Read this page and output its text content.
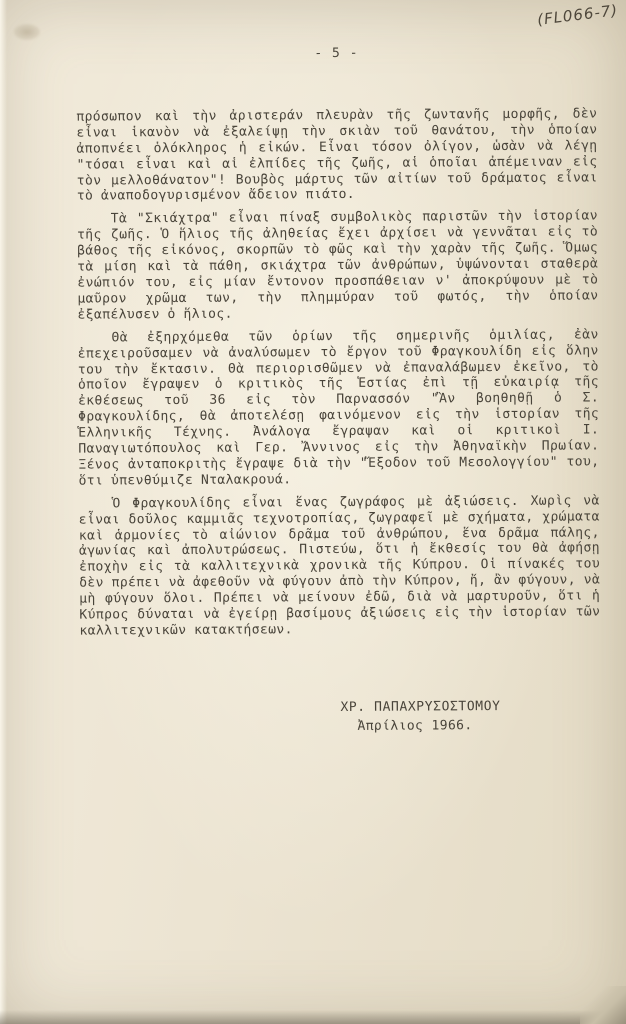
(FL066-7)
- 5 -

πρόσωπον καὶ τὴν ἀριστεράν πλευρὰν τῆς ζωντανῆς μορφῆς, δὲν εἶναι ἱκανὸν νὰ ἐξαλείψῃ τὴν σκιὰν τοῦ θανάτου, τὴν ὁποίαν ἀποπνέει ὁλόκληρος ἡ εἰκών. Εἶναι τόσον ὀλίγον, ὡσὰν νὰ λέγῃ "τόσαι εἶναι καὶ αἱ ἐλπίδες τῆς ζωῆς, αἱ ὁποῖαι ἀπέμειναν εἰς τὸν μελλοθάνατον"! Βουβὸς μάρτυς τῶν αἰτίων τοῦ δράματος εἶναι τὸ ἀναποδογυρισμένον ἄδειον πιάτο.

Τὰ "Σκιάχτρα" εἶναι πίναξ συμβολικὸς παριστῶν τὴν ἱστορίαν τῆς ζωῆς. Ὁ ἥλιος τῆς ἀληθείας ἔχει ἀρχίσει νὰ γεννᾶται εἰς τὸ βάθος τῆς εἰκόνος, σκορπῶν τὸ φῶς καὶ τὴν χαρὰν τῆς ζωῆς. Ὅμως τὰ μίση καὶ τὰ πάθη, σκιάχτρα τῶν ἀνθρώπων, ὑψώνονται σταθερὰ ἐνώπιόν του, εἰς μίαν ἔντονον προσπάθειαν ν' ἀποκρύψουν μὲ τὸ μαῦρον χρῶμα των, τὴν πλημμύραν τοῦ φωτός, τὴν ὁποίαν ἐξαπέλυσεν ὁ ἥλιος.

Θὰ ἐξηρχόμεθα τῶν ὁρίων τῆς σημερινῆς ὁμιλίας, ἐὰν ἐπεχειροῦσαμεν νὰ ἀναλύσωμεν τὸ ἔργον τοῦ Φραγκουλίδη εἰς ὅλην του τὴν ἔκτασιν. Θὰ περιορισθῶμεν νὰ ἐπαναλάβωμεν ἐκεῖνο, τὸ ὁποῖον ἔγραψεν ὁ κριτικὸς τῆς Ἑστίας ἐπὶ τῇ εὐκαιρίᾳ τῆς ἐκθέσεως τοῦ 36 εἰς τὸν Παρνασσόν "Ἂν βοηθηθῇ ὁ Σ. Φραγκουλίδης, θὰ ἀποτελέσῃ φαινόμενον εἰς τὴν ἱστορίαν τῆς Ἑλληνικῆς Τέχνης. Ἀνάλογα ἔγραψαν καὶ οἱ κριτικοὶ Ι. Παναγιωτόπουλος καὶ Γερ. Ἄννινος εἰς τὴν Ἀθηναϊκὴν Πρωίαν. Ξένος ἀνταποκριτὴς ἔγραψε διὰ τὴν "Ἔξοδον τοῦ Μεσολογγίου" του, ὅτι ὑπενθύμιζε Νταλακρουά.

Ὁ Φραγκουλίδης εἶναι ἕνας ζωγράφος μὲ ἀξιώσεις. Χωρὶς νὰ εἶναι δοῦλος καμμιᾶς τεχνοτροπίας, ζωγραφεῖ μὲ σχήματα, χρώματα καὶ ἁρμονίες τὸ αἰώνιον δρᾶμα τοῦ ἀνθρώπου, ἕνα δρᾶμα πάλης, ἀγωνίας καὶ ἀπολυτρώσεως. Πιστεύω, ὅτι ἡ ἔκθεσίς του θὰ ἀφήσῃ ἐποχὴν εἰς τὰ καλλιτεχνικὰ χρονικὰ τῆς Κύπρου. Οἱ πίνακές του δὲν πρέπει νὰ ἀφεθοῦν νὰ φύγουν ἀπὸ τὴν Κύπρον, ἤ, ἂν φύγουν, νὰ μὴ φύγουν ὅλοι. Πρέπει νὰ μείνουν ἐδῶ, διὰ νὰ μαρτυροῦν, ὅτι ἡ Κύπρος δύναται νὰ ἐγείρῃ βασίμους ἀξιώσεις εἰς τὴν ἱστορίαν τῶν καλλιτεχνικῶν κατακτήσεων.

ΧΡ. ΠΑΠΑΧΡΥΣΟΣΤΟΜΟΥ
Ἀπρίλιος 1966.
